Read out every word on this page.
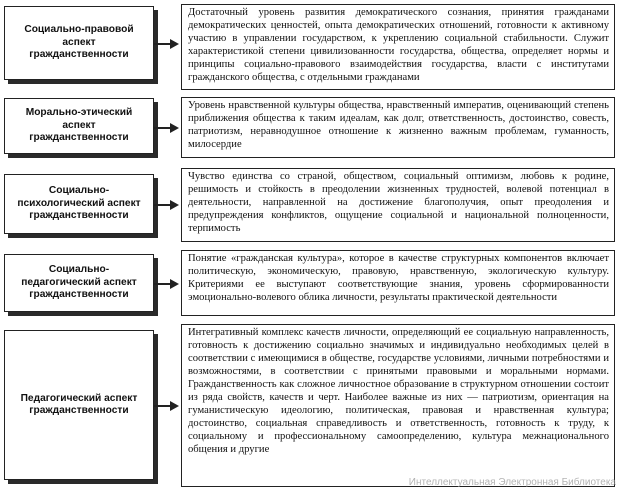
Социально-правовой
аспект
гражданственности
Достаточный уровень развития демократического сознания, принятия гражданами демократических ценностей, опыта демократических отношений, готовности к активному участию в управлении государством, к укреплению социальной стабильности. Служит характеристикой степени цивилизованности государства, общества, определяет нормы и принципы социально-правового взаимодействия государства, власти с институтами гражданского общества, с отдельными гражданами
Морально-этический
аспект
гражданственности
Уровень нравственной культуры общества, нравственный императив, оценивающий степень приближения общества к таким идеалам, как долг, ответственность, достоинство, совесть, патриотизм, неравнодушное отношение к жизненно важным проблемам, гуманность, милосердие
Социально-
психологический аспект
гражданственности
Чувство единства со страной, обществом, социальный оптимизм, любовь к родине, решимость и стойкость в преодолении жизненных трудностей, волевой потенциал в деятельности, направленной на достижение благополучия, опыт преодоления и предупреждения конфликтов, ощущение социальной и национальной полноценности, терпимость
Социально-
педагогический аспект
гражданственности
Понятие «гражданская культура», которое в качестве структурных компонентов включает политическую, экономическую, правовую, нравственную, экологическую культуру. Критериями ее выступают соответствующие знания, уровень сформированности эмоционально-волевого облика личности, результаты практической деятельности
Педагогический аспект
гражданственности
Интегративный комплекс качеств личности, определяющий ее социальную направленность, готовность к достижению социально значимых и индивидуально необходимых целей в соответствии с имеющимися в обществе, государстве условиями, личными потребностями и возможностями, в соответствии с принятыми правовыми и моральными нормами. Гражданственность как сложное личностное образование в структурном отношении состоит из ряда свойств, качеств и черт. Наиболее важные из них — патриотизм, ориентация на гуманистическую идеологию, политическая, правовая и нравственная культура; достоинство, социальная справедливость и ответственность, готовность к труду, к социальному и профессиональному самоопределению, культура межнационального общения и другие
Интеллектуальная Электронная Библиотека
